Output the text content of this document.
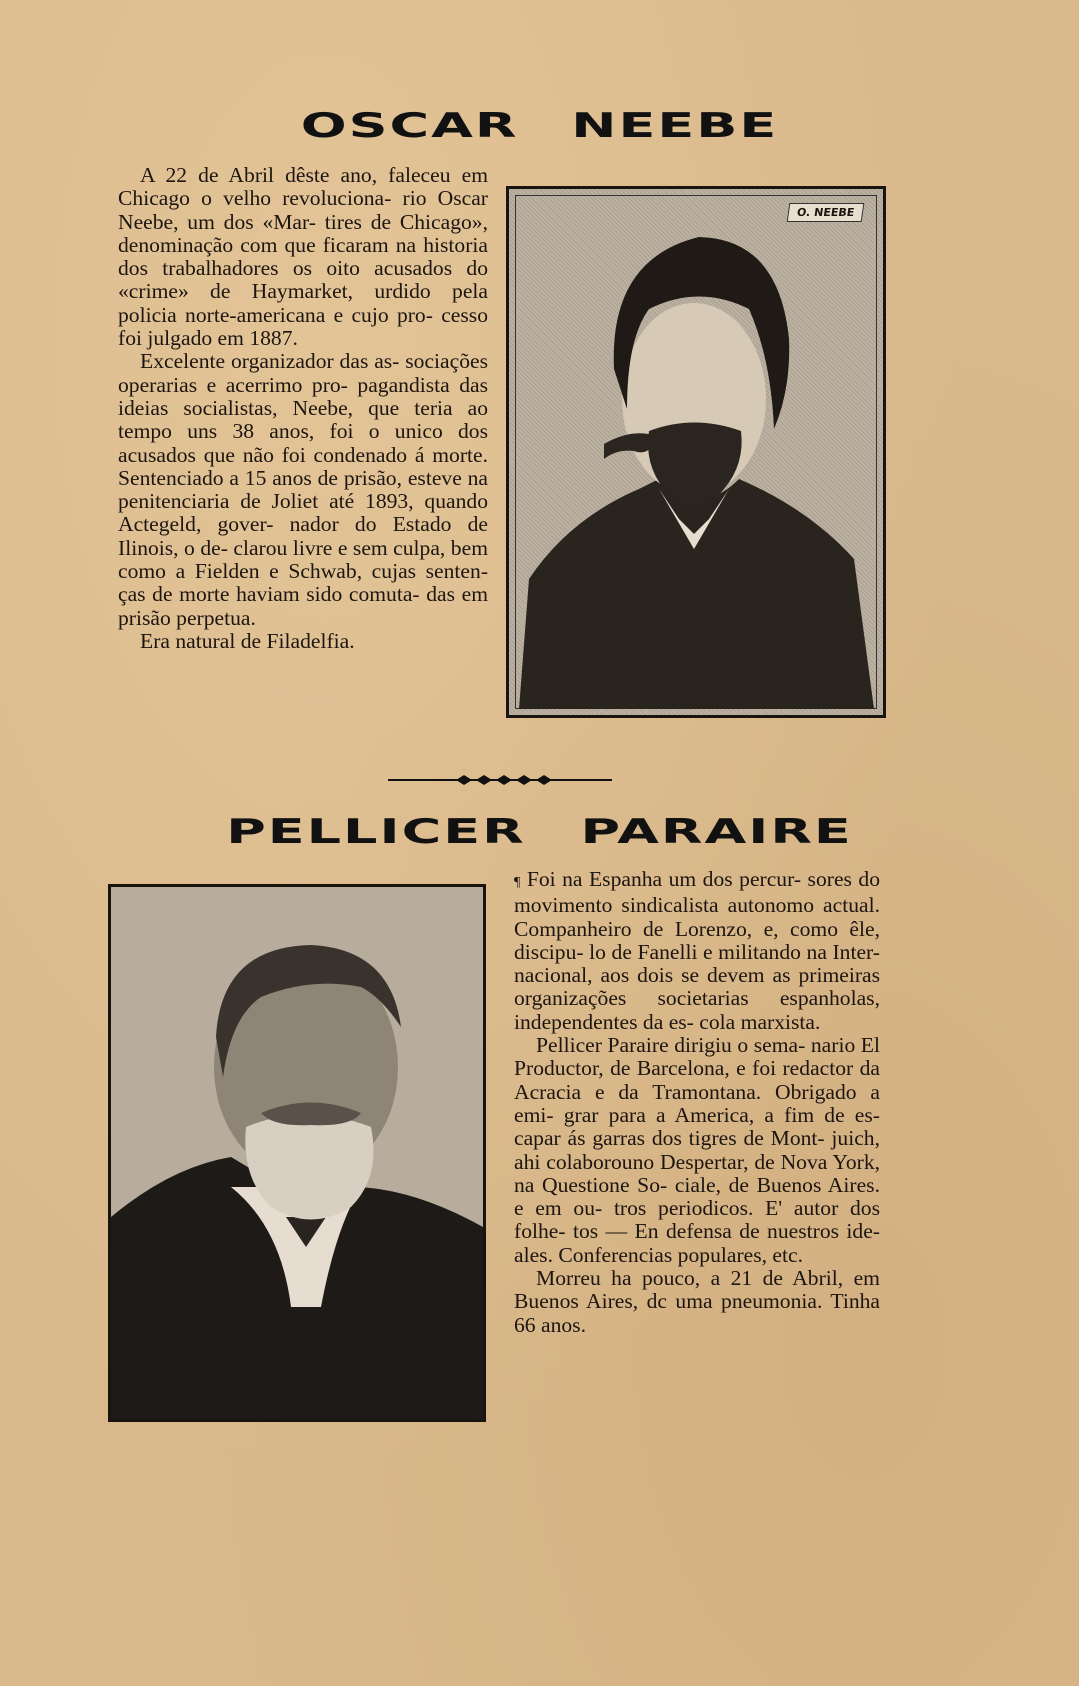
OSCAR NEEBE

A 22 de Abril dêste ano, faleceu em Chicago o velho revoluciona- rio Oscar Neebe, um dos «Mar- tires de Chicago», denominação com que ficaram na historia dos trabalhadores os oito acusados do «crime» de Haymarket, urdido pela policia norte-americana e cujo pro- cesso foi julgado em 1887.

Excelente organizador das as- sociações operarias e acerrimo pro- pagandista das ideias socialistas, Neebe, que teria ao tempo uns 38 anos, foi o unico dos acusados que não foi condenado á morte. Sentenciado a 15 anos de prisão, esteve na penitenciaria de Joliet até 1893, quando Actegeld, gover- nador do Estado de Ilinois, o de- clarou livre e sem culpa, bem como a Fielden e Schwab, cujas senten- ças de morte haviam sido comuta- das em prisão perpetua.

Era natural de Filadelfia.

O. NEEBE
PELLICER PARAIRE

¶ Foi na Espanha um dos percur- sores do movimento sindicalista autonomo actual. Companheiro de Lorenzo, e, como êle, discipu- lo de Fanelli e militando na Inter- nacional, aos dois se devem as primeiras organizações societarias espanholas, independentes da es- cola marxista.

Pellicer Paraire dirigiu o sema- nario El Productor, de Barcelona, e foi redactor da Acracia e da Tramontana. Obrigado a emi- grar para a America, a fim de es- capar ás garras dos tigres de Mont- juich, ahi colaborouno Despertar, de Nova York, na Questione So- ciale, de Buenos Aires. e em ou- tros periodicos. E' autor dos folhe- tos — En defensa de nuestros ide- ales. Conferencias populares, etc.

Morreu ha pouco, a 21 de Abril, em Buenos Aires, dc uma pneumonia. Tinha 66 anos.
